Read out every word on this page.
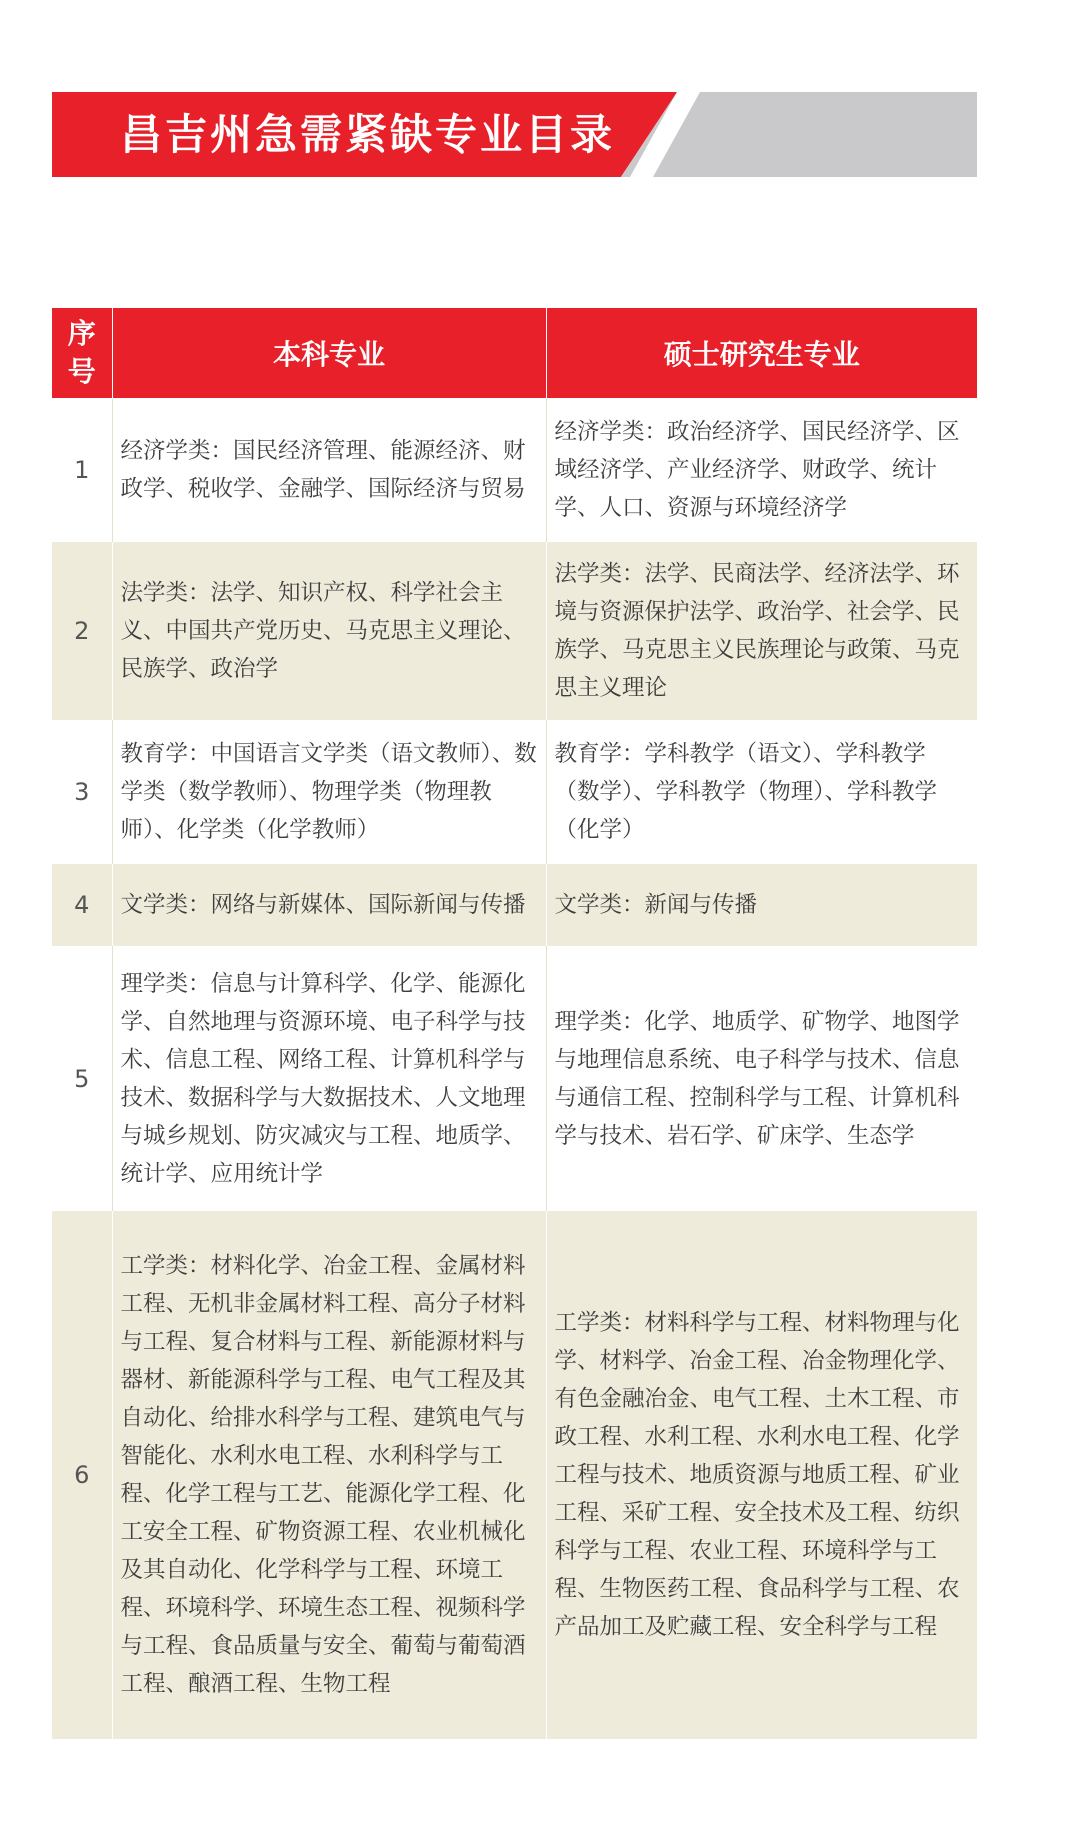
昌吉州急需紧缺专业目录
序号	本科专业	硕士研究生专业
1	经济学类：国民经济管理、能源经济、财政学、税收学、金融学、国际经济与贸易	经济学类：政治经济学、国民经济学、区域经济学、产业经济学、财政学、统计学、人口、资源与环境经济学
2	法学类：法学、知识产权、科学社会主义、中国共产党历史、马克思主义理论、民族学、政治学	法学类：法学、民商法学、经济法学、环境与资源保护法学、政治学、社会学、民族学、马克思主义民族理论与政策、马克思主义理论
3	教育学：中国语言文学类（语文教师）、数学类（数学教师）、物理学类（物理教师）、化学类（化学教师）	教育学：学科教学（语文）、学科教学（数学）、学科教学（物理）、学科教学（化学）
4	文学类：网络与新媒体、国际新闻与传播	文学类：新闻与传播
5	理学类：信息与计算科学、化学、能源化学、自然地理与资源环境、电子科学与技术、信息工程、网络工程、计算机科学与技术、数据科学与大数据技术、人文地理与城乡规划、防灾减灾与工程、地质学、统计学、应用统计学	理学类：化学、地质学、矿物学、地图学与地理信息系统、电子科学与技术、信息与通信工程、控制科学与工程、计算机科学与技术、岩石学、矿床学、生态学
6	工学类：材料化学、冶金工程、金属材料工程、无机非金属材料工程、高分子材料与工程、复合材料与工程、新能源材料与器材、新能源科学与工程、电气工程及其自动化、给排水科学与工程、建筑电气与智能化、水利水电工程、水利科学与工程、化学工程与工艺、能源化学工程、化工安全工程、矿物资源工程、农业机械化及其自动化、化学科学与工程、环境工程、环境科学、环境生态工程、视频科学与工程、食品质量与安全、葡萄与葡萄酒工程、酿酒工程、生物工程	工学类：材料科学与工程、材料物理与化学、材料学、冶金工程、冶金物理化学、有色金融冶金、电气工程、土木工程、市政工程、水利工程、水利水电工程、化学工程与技术、地质资源与地质工程、矿业工程、采矿工程、安全技术及工程、纺织科学与工程、农业工程、环境科学与工程、生物医药工程、食品科学与工程、农产品加工及贮藏工程、安全科学与工程
